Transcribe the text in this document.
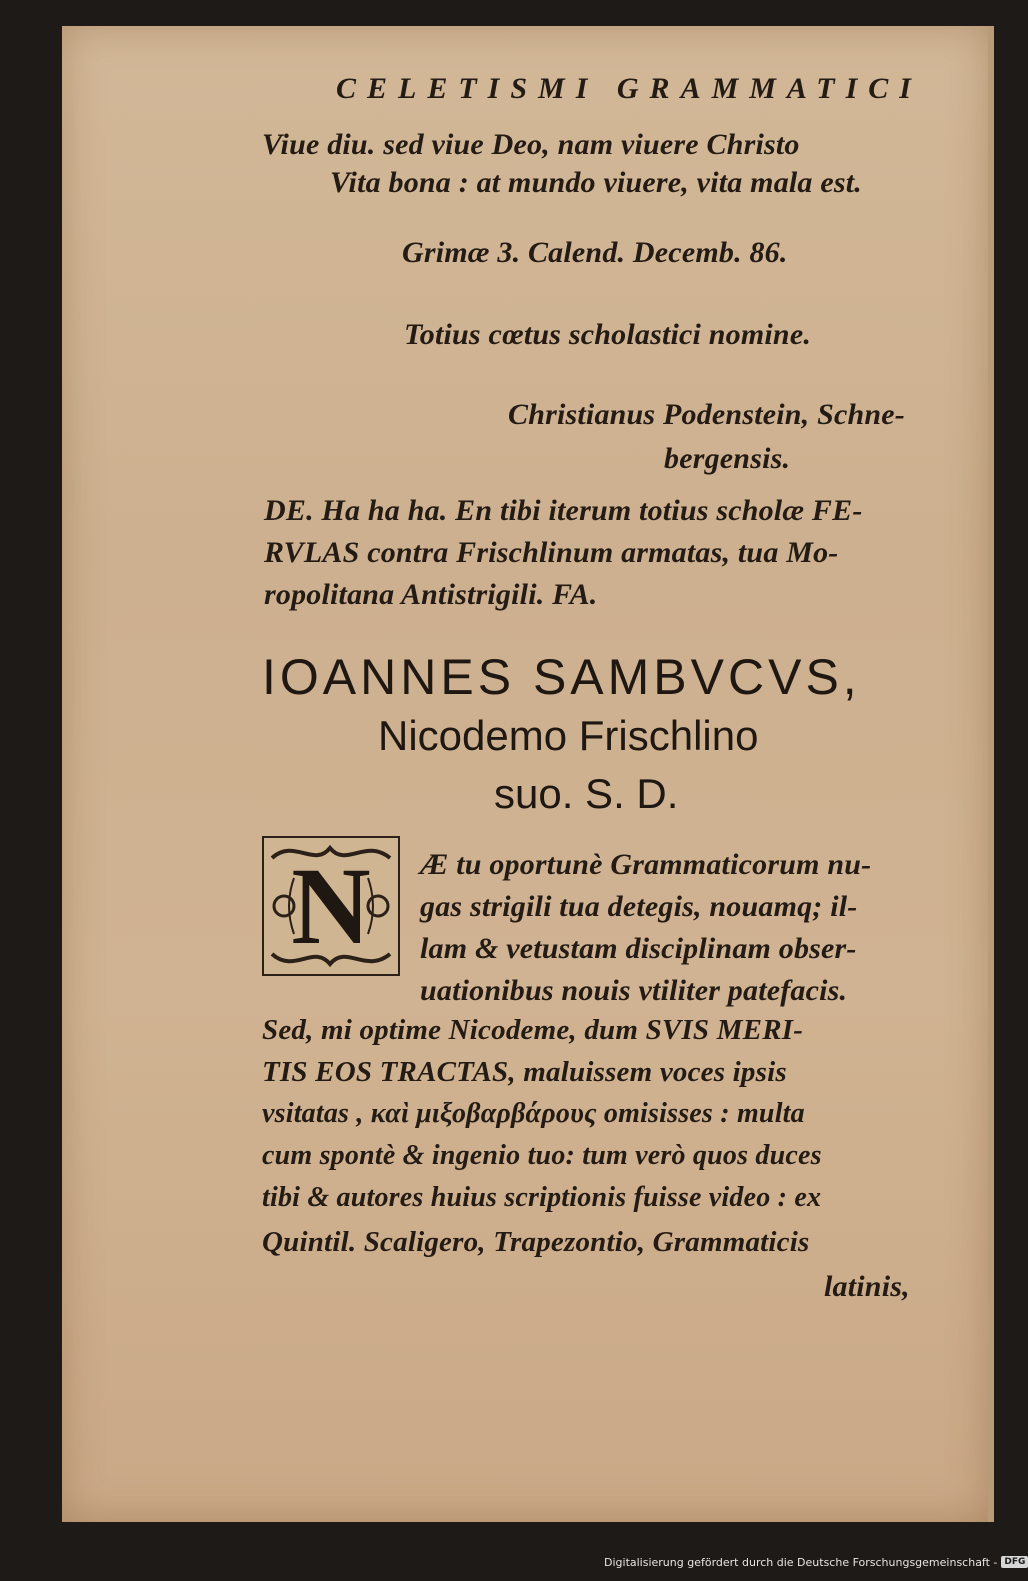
CELETISMI GRAMMATICI
Viue diu. sed viue Deo, nam viuere Christo
Vita bona : at mundo viuere, vita mala est.
Grimæ 3. Calend. Decemb. 86.
Totius cœtus scholastici nomine.
Christianus Podenstein, Schne-
bergensis.
DE. Ha ha ha. En tibi iterum totius scholæ FE-
RVLAS contra Frischlinum armatas, tua Mo-
ropolitana Antistrigili. FA.
IOANNES SAMBVCVS,
Nicodemo Frischlino
suo. S. D.
N Æ tu oportunè Grammaticorum nu-
gas strigili tua detegis, nouamq; il-
lam & vetustam disciplinam obser-
uationibus nouis vtiliter patefacis.
Sed, mi optime Nicodeme, dum SVIS MERI-
TIS EOS TRACTAS, maluissem voces ipsis
vsitatas , καὶ μιξοβαρβάρους omisisses : multa
cum spontè & ingenio tuo: tum verò quos duces
tibi & autores huius scriptionis fuisse video : ex
Quintil. Scaligero, Trapezontio, Grammaticis
latinis,
Digitalisierung gefördert durch die Deutsche Forschungsgemeinschaft - DFG
